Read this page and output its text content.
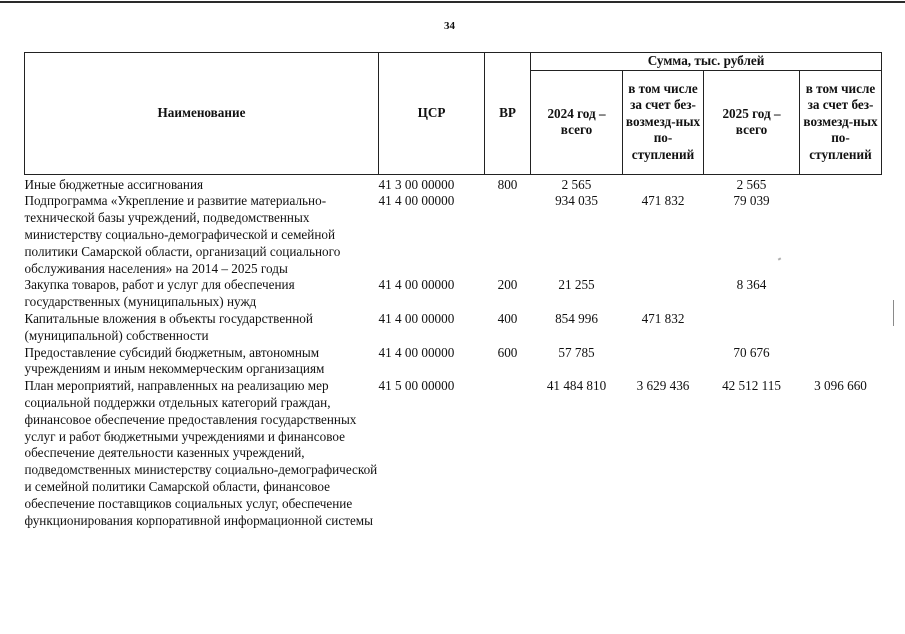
34
Наименование	ЦСР	ВР	Сумма, тыс. рублей			
			2024 год – всего	в том числе за счет без-возмезд-ных по-ступлений	2025 год – всего	в том числе за счет без-возмезд-ных по-ступлений
Иные бюджетные ассигнования	41 3 00 00000	800	2 565		2 565	
Подпрограмма «Укрепление и развитие материально-технической базы учреждений, подведомственных министерству социально-демографической и семейной политики Самарской области, организаций социального обслуживания населения» на 2014 – 2025 годы	41 4 00 00000		934 035	471 832	79 039	
Закупка товаров, работ и услуг для обеспечения государственных (муниципальных) нужд	41 4 00 00000	200	21 255		8 364	
Капитальные вложения в объекты государственной (муниципальной) собственности	41 4 00 00000	400	854 996	471 832		
Предоставление субсидий бюджетным, автономным учреждениям и иным некоммерческим организациям	41 4 00 00000	600	57 785		70 676	
План мероприятий, направленных на реализацию мер социальной поддержки отдельных категорий граждан, финансовое обеспечение предоставления государственных услуг и работ бюджетными учреждениями и финансовое обеспечение деятельности казенных учреждений, подведомственных министерству социально-демографической и семейной политики Самарской области, финансовое обеспечение поставщиков социальных услуг, обеспечение функционирования корпоративной информационной системы	41 5 00 00000		41 484 810	3 629 436	42 512 115	3 096 660
